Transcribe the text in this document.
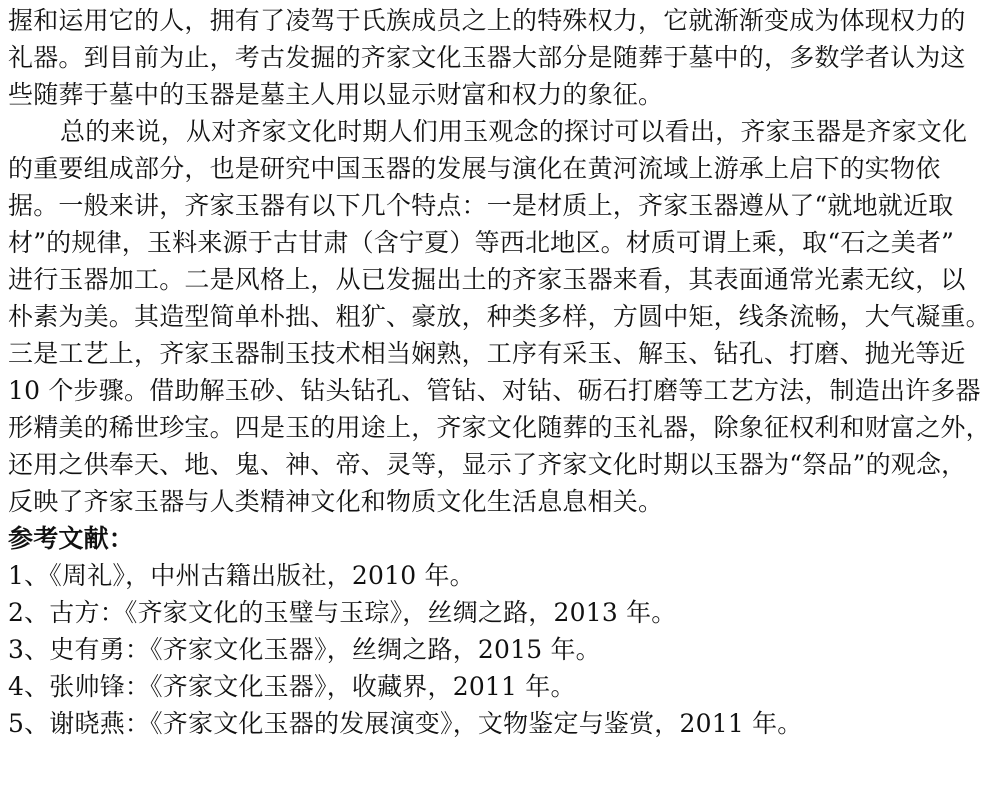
握和运用它的人，拥有了凌驾于氏族成员之上的特殊权力，它就渐渐变成为体现权力的
礼器。到目前为止，考古发掘的齐家文化玉器大部分是随葬于墓中的，多数学者认为这
些随葬于墓中的玉器是墓主人用以显示财富和权力的象征。
总的来说，从对齐家文化时期人们用玉观念的探讨可以看出，齐家玉器是齐家文化
的重要组成部分，也是研究中国玉器的发展与演化在黄河流域上游承上启下的实物依
据。一般来讲，齐家玉器有以下几个特点：一是材质上，齐家玉器遵从了“就地就近取
材”的规律，玉料来源于古甘肃（含宁夏）等西北地区。材质可谓上乘，取“石之美者”
进行玉器加工。二是风格上，从已发掘出土的齐家玉器来看，其表面通常光素无纹，以
朴素为美。其造型简单朴拙、粗犷、豪放，种类多样，方圆中矩，线条流畅，大气凝重。
三是工艺上，齐家玉器制玉技术相当娴熟，工序有采玉、解玉、钻孔、打磨、抛光等近
10 个步骤。借助解玉砂、钻头钻孔、管钻、对钻、砺石打磨等工艺方法，制造出许多器
形精美的稀世珍宝。四是玉的用途上，齐家文化随葬的玉礼器，除象征权利和财富之外，
还用之供奉天、地、鬼、神、帝、灵等，显示了齐家文化时期以玉器为“祭品”的观念，
反映了齐家玉器与人类精神文化和物质文化生活息息相关。
参考文献：
1、《周礼》，中州古籍出版社，2010 年。
2、古方：《齐家文化的玉璧与玉琮》，丝绸之路，2013 年。
3、史有勇：《齐家文化玉器》，丝绸之路，2015 年。
4、张帅锋：《齐家文化玉器》，收藏界，2011 年。
5、谢晓燕：《齐家文化玉器的发展演变》，文物鉴定与鉴赏，2011 年。
